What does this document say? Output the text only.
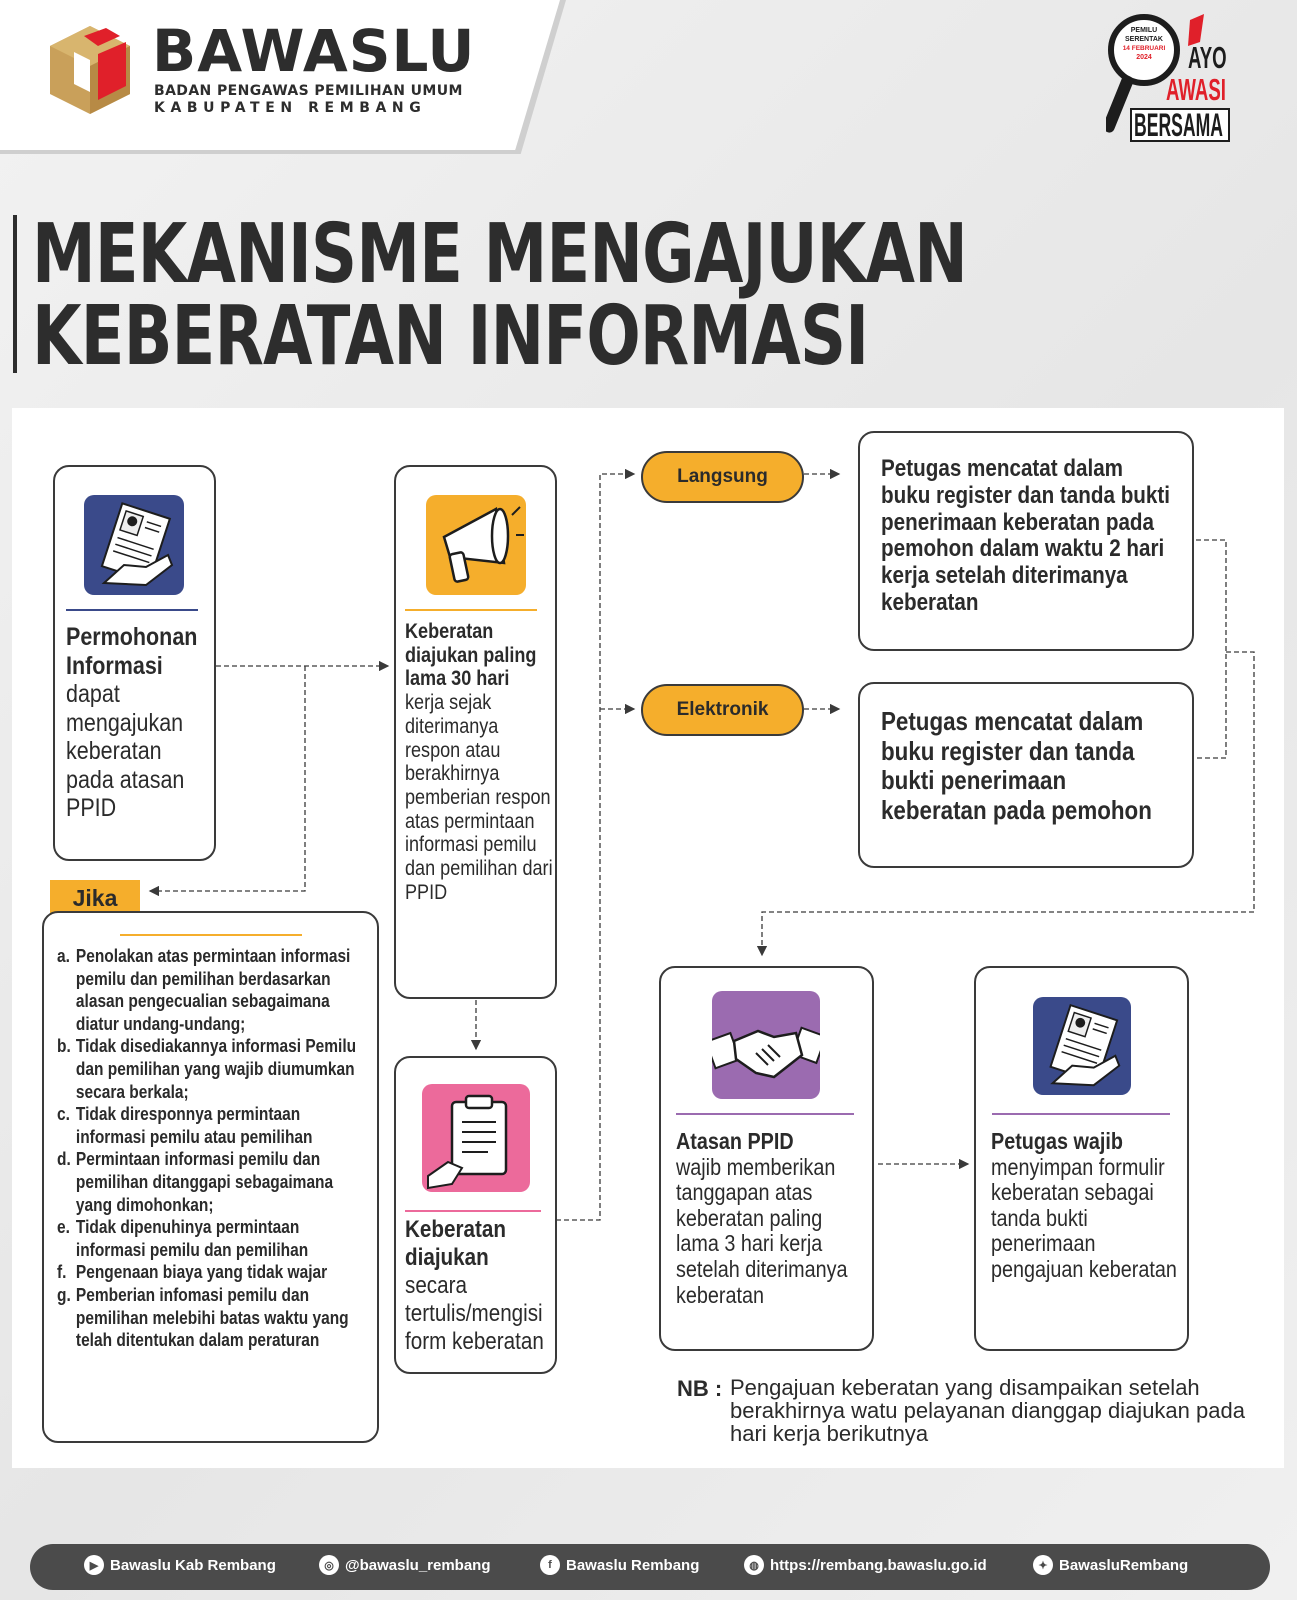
BAWASLU
BADAN PENGAWAS PEMILIHAN UMUM
KABUPATEN REMBANG
PEMILU
SERENTAK
14 FEBRUARI
2024	AYO
AWASI
BERSAMA
MEKANISME MENGAJUKAN
KEBERATAN INFORMASI
Permohonan Informasi
dapat mengajukan keberatan pada atasan PPID
Jika
a. Penolakan atas permintaan informasi pemilu dan pemilihan berdasarkan alasan pengecualian sebagaimana diatur undang-undang;
b. Tidak disediakannya informasi Pemilu dan pemilihan yang wajib diumumkan secara berkala;
c. Tidak diresponnya permintaan informasi pemilu atau pemilihan
d. Permintaan informasi pemilu dan pemilihan ditanggapi sebagaimana yang dimohonkan;
e. Tidak dipenuhinya permintaan informasi pemilu dan pemilihan
f. Pengenaan biaya yang tidak wajar
g. Pemberian infomasi pemilu dan pemilihan melebihi batas waktu yang telah ditentukan dalam peraturan
Keberatan diajukan paling lama 30 hari
kerja sejak diterimanya respon atau berakhirnya pemberian respon atas permintaan informasi pemilu dan pemilihan dari PPID
Keberatan diajukan secara tertulis/mengisi form keberatan
Langsung
Elektronik
Petugas mencatat dalam buku register dan tanda bukti penerimaan keberatan pada pemohon dalam waktu 2 hari kerja setelah diterimanya keberatan
Petugas mencatat dalam buku register dan tanda bukti penerimaan keberatan pada pemohon
Atasan PPID
wajib memberikan tanggapan atas keberatan paling lama 3 hari kerja setelah diterimanya keberatan
Petugas wajib
menyimpan formulir keberatan sebagai tanda bukti penerimaan pengajuan keberatan
NB : Pengajuan keberatan yang disampaikan setelah berakhirnya watu pelayanan dianggap diajukan pada hari kerja berikutnya
▶ Bawaslu Kab Rembang	◎ @bawaslu_rembang	f Bawaslu Rembang	◍ https://rembang.bawaslu.go.id	✦ BawasluRembang
